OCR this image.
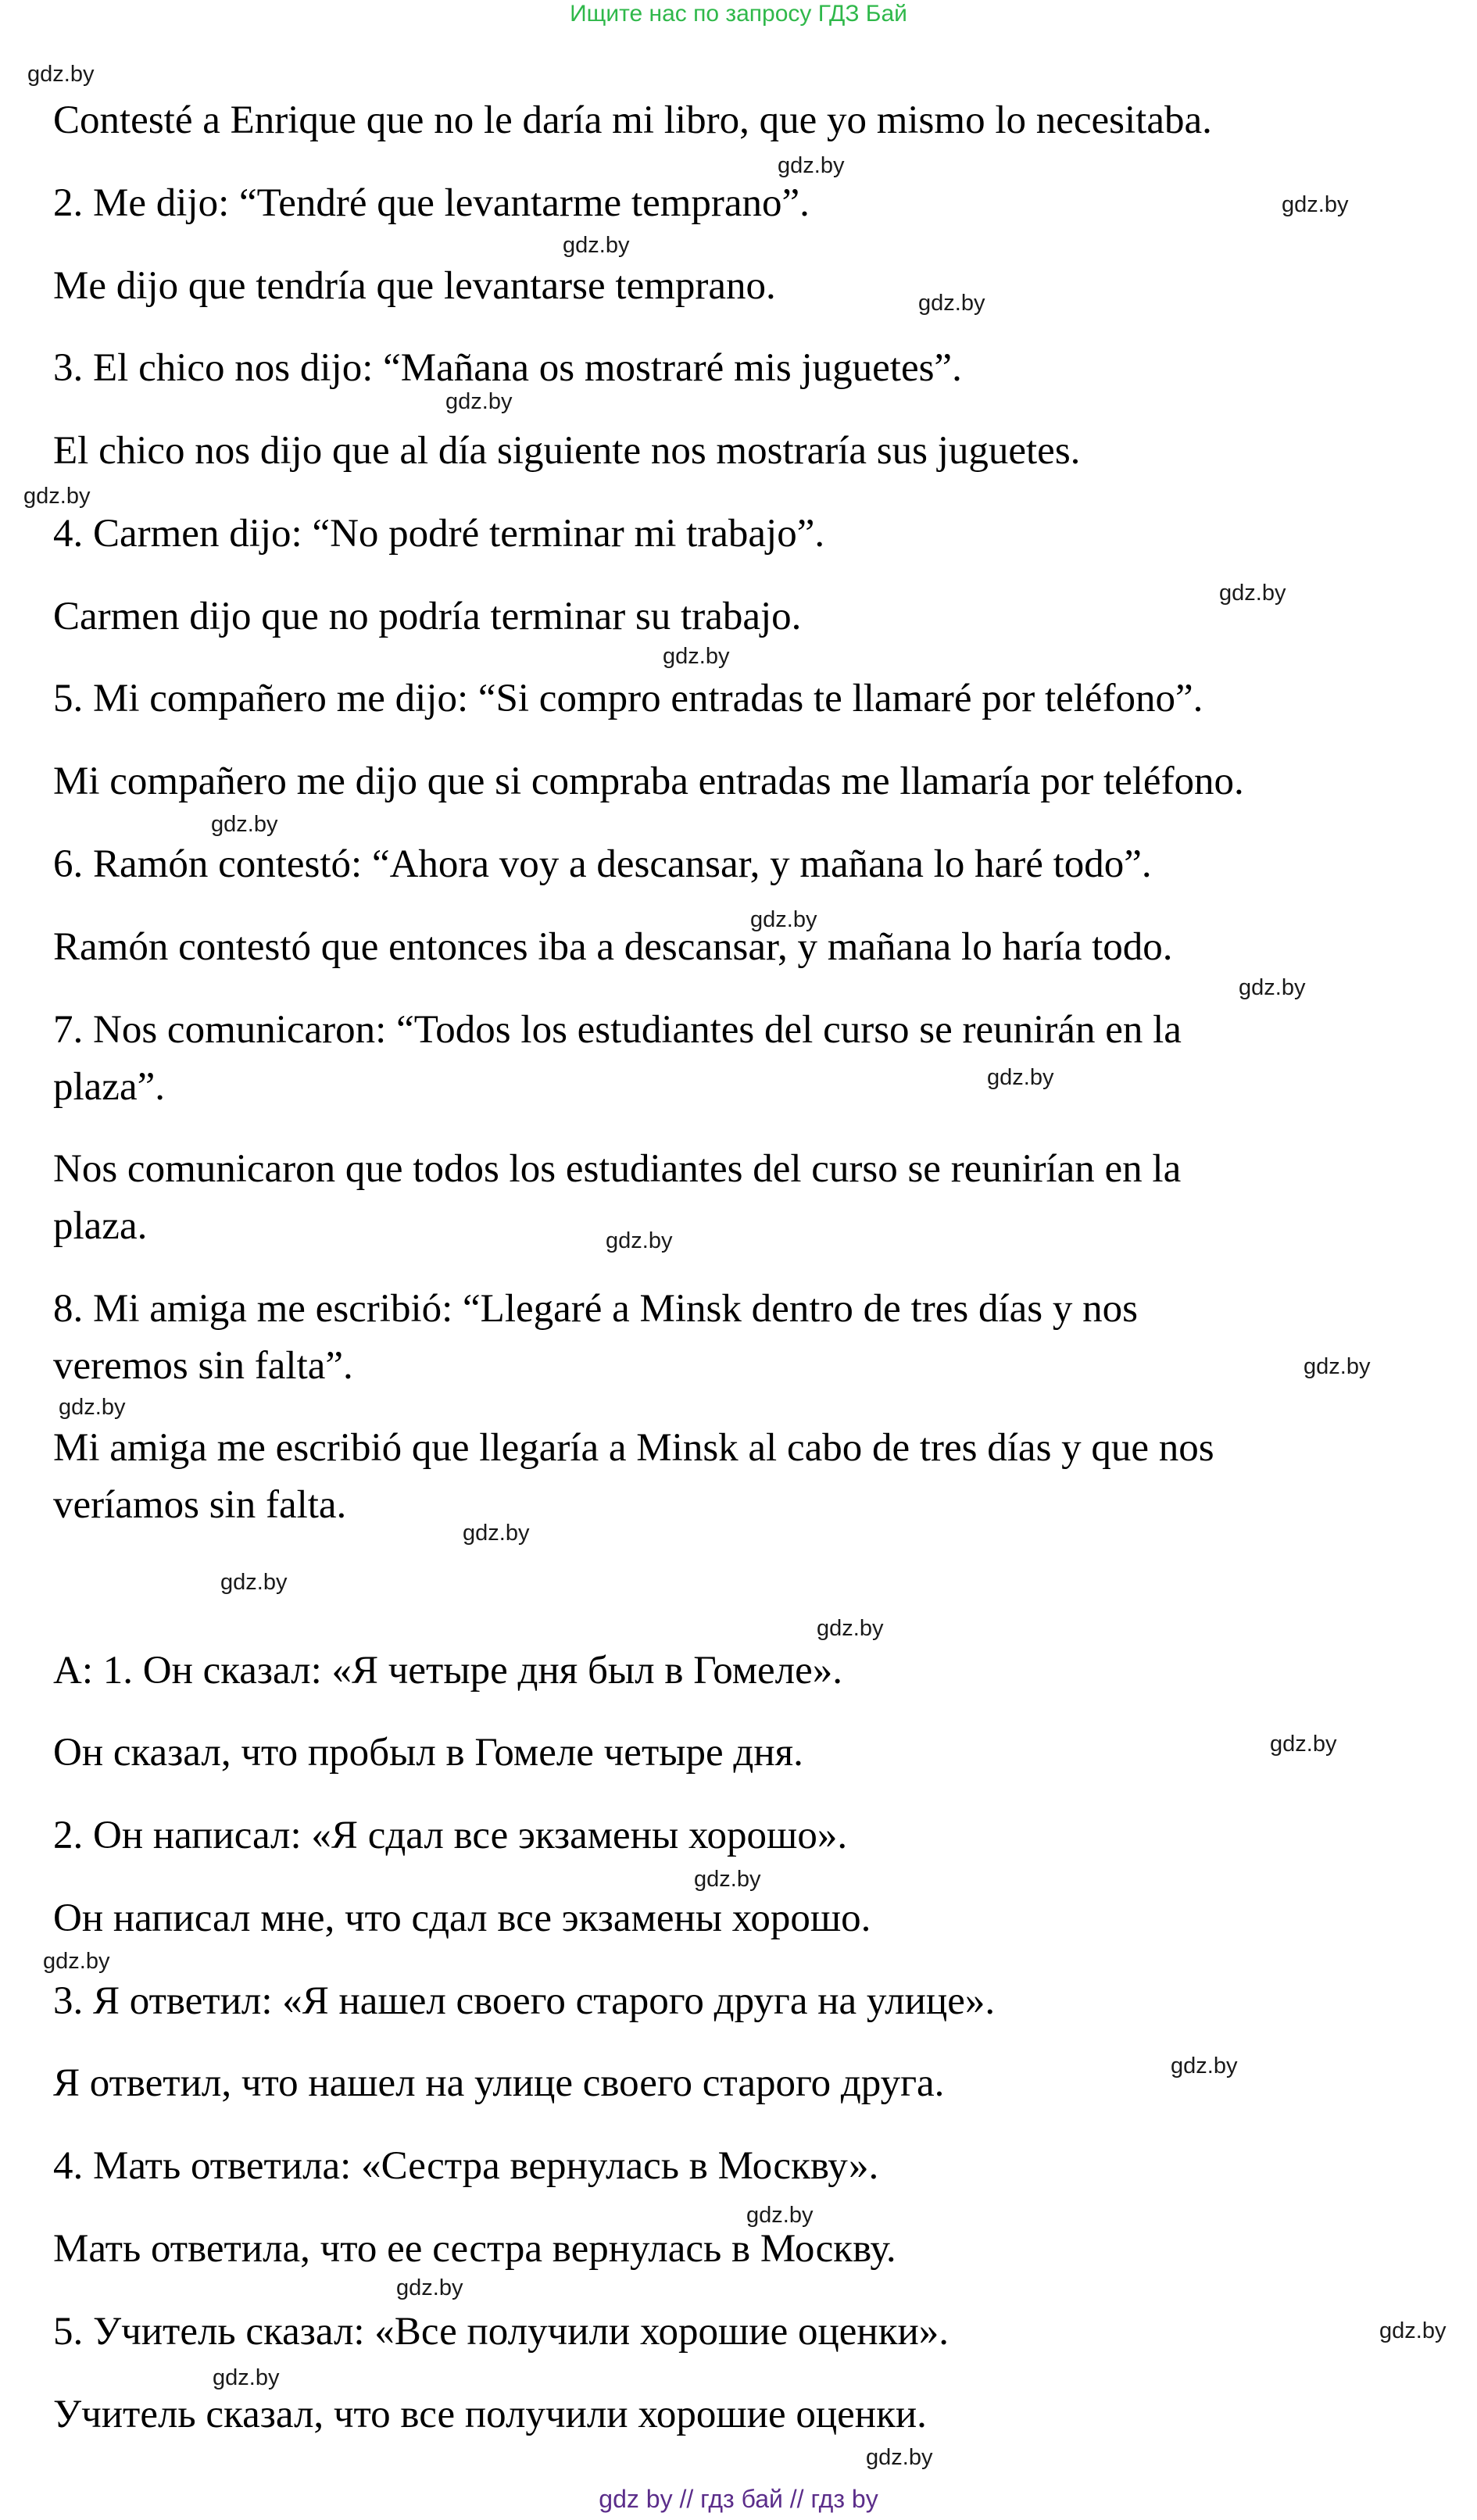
Ищите нас по запросу ГДЗ Бай
Contesté a Enrique que no le daría mi libro, que yo mismo lo necesitaba.
2. Me dijo: “Tendré que levantarme temprano”.
Me dijo que tendría que levantarse temprano.
3. El chico nos dijo: “Mañana os mostraré mis juguetes”.
El chico nos dijo que al día siguiente nos mostraría sus juguetes.
4. Carmen dijo: “No podré terminar mi trabajo”.
Carmen dijo que no podría terminar su trabajo.
5. Mi compañero me dijo: “Si compro entradas te llamaré por teléfono”.
Mi compañero me dijo que si compraba entradas me llamaría por teléfono.
6. Ramón contestó: “Ahora voy a descansar, y mañana lo haré todo”.
Ramón contestó que entonces iba a descansar, y mañana lo haría todo.
7. Nos comunicaron: “Todos los estudiantes del curso se reunirán en la
plaza”.
Nos comunicaron que todos los estudiantes del curso se reunirían en la
plaza.
8. Mi amiga me escribió: “Llegaré a Minsk dentro de tres días y nos
veremos sin falta”.
Mi amiga me escribió que llegaría a Minsk al cabo de tres días y que nos
veríamos sin falta.
A: 1. Он сказал: «Я четыре дня был в Гомеле».
Он сказал, что пробыл в Гомеле четыре дня.
2. Он написал: «Я сдал все экзамены хорошо».
Он написал мне, что сдал все экзамены хорошо.
3. Я ответил: «Я нашел своего старого друга на улице».
Я ответил, что нашел на улице своего старого друга.
4. Мать ответила: «Сестра вернулась в Москву».
Мать ответила, что ее сестра вернулась в Москву.
5. Учитель сказал: «Все получили хорошие оценки».
Учитель сказал, что все получили хорошие оценки.
gdz.by
gdz.by
gdz.by
gdz.by
gdz.by
gdz.by
gdz.by
gdz.by
gdz.by
gdz.by
gdz.by
gdz.by
gdz.by
gdz.by
gdz.by
gdz.by
gdz.by
gdz.by
gdz.by
gdz.by
gdz.by
gdz.by
gdz.by
gdz.by
gdz.by
gdz.by
gdz.by
gdz.by
gdz by // гдз бай // гдз by
